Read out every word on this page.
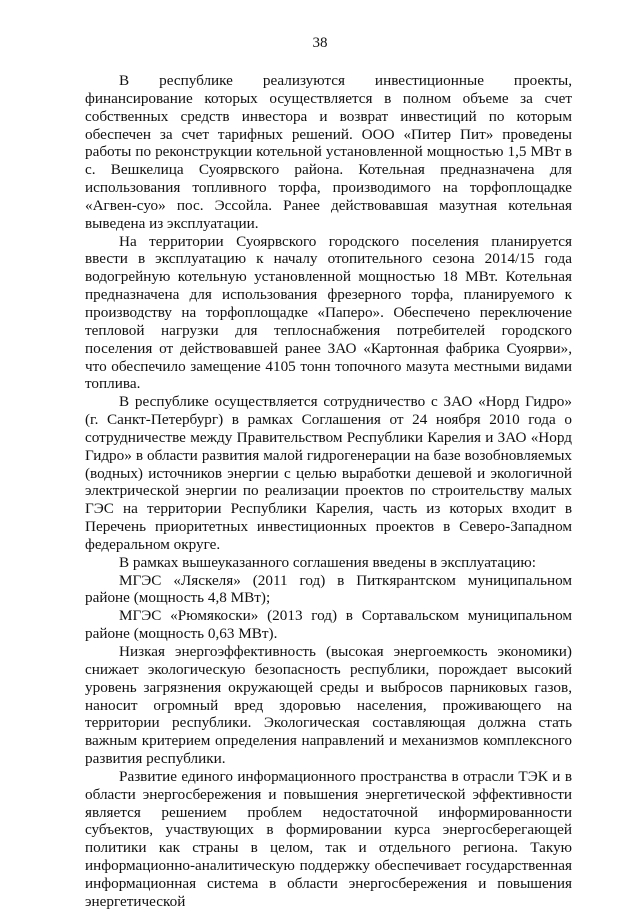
38

В республике реализуются инвестиционные проекты, финансирование которых осуществляется в полном объеме за счет собственных средств инвестора и возврат инвестиций по которым обеспечен за счет тарифных решений. ООО «Питер Пит» проведены работы по реконструкции котельной установленной мощностью 1,5 МВт в с. Вешкелица Суоярвского района. Котельная предназначена для использования топливного торфа, производимого на торфоплощадке «Агвен-суо» пос. Эссойла. Ранее действовавшая мазутная котельная выведена из эксплуатации.

На территории Суоярвского городского поселения планируется ввести в эксплуатацию к началу отопительного сезона 2014/15 года водогрейную котельную установленной мощностью 18 МВт. Котельная предназначена для использования фрезерного торфа, планируемого к производству на торфоплощадке «Паперо». Обеспечено переключение тепловой нагрузки для теплоснабжения потребителей городского поселения от действовавшей ранее ЗАО «Картонная фабрика Суоярви», что обеспечило замещение 4105 тонн топочного мазута местными видами топлива.

В республике осуществляется сотрудничество с ЗАО «Норд Гидро» (г. Санкт-Петербург) в рамках Соглашения от 24 ноября 2010 года о сотрудничестве между Правительством Республики Карелия и ЗАО «Норд Гидро» в области развития малой гидрогенерации на базе возобновляемых (водных) источников энергии с целью выработки дешевой и экологичной электрической энергии по реализации проектов по строительству малых ГЭС на территории Республики Карелия, часть из которых входит в Перечень приоритетных инвестиционных проектов в Северо-Западном федеральном округе.

В рамках вышеуказанного соглашения введены в эксплуатацию:

МГЭС «Ляскеля» (2011 год) в Питкярантском муниципальном районе (мощность 4,8 МВт);

МГЭС «Рюмякоски» (2013 год) в Сортавальском муниципальном районе (мощность 0,63 МВт).

Низкая энергоэффективность (высокая энергоемкость экономики) снижает экологическую безопасность республики, порождает высокий уровень загрязнения окружающей среды и выбросов парниковых газов, наносит огромный вред здоровью населения, проживающего на территории республики. Экологическая составляющая должна стать важным критерием определения направлений и механизмов комплексного развития республики.

Развитие единого информационного пространства в отрасли ТЭК и в области энергосбережения и повышения энергетической эффективности является решением проблем недостаточной информированности субъектов, участвующих в формировании курса энергосберегающей политики как страны в целом, так и отдельного региона. Такую информационно-аналитическую поддержку обеспечивает государственная информационная система в области энергосбережения и повышения энергетической
